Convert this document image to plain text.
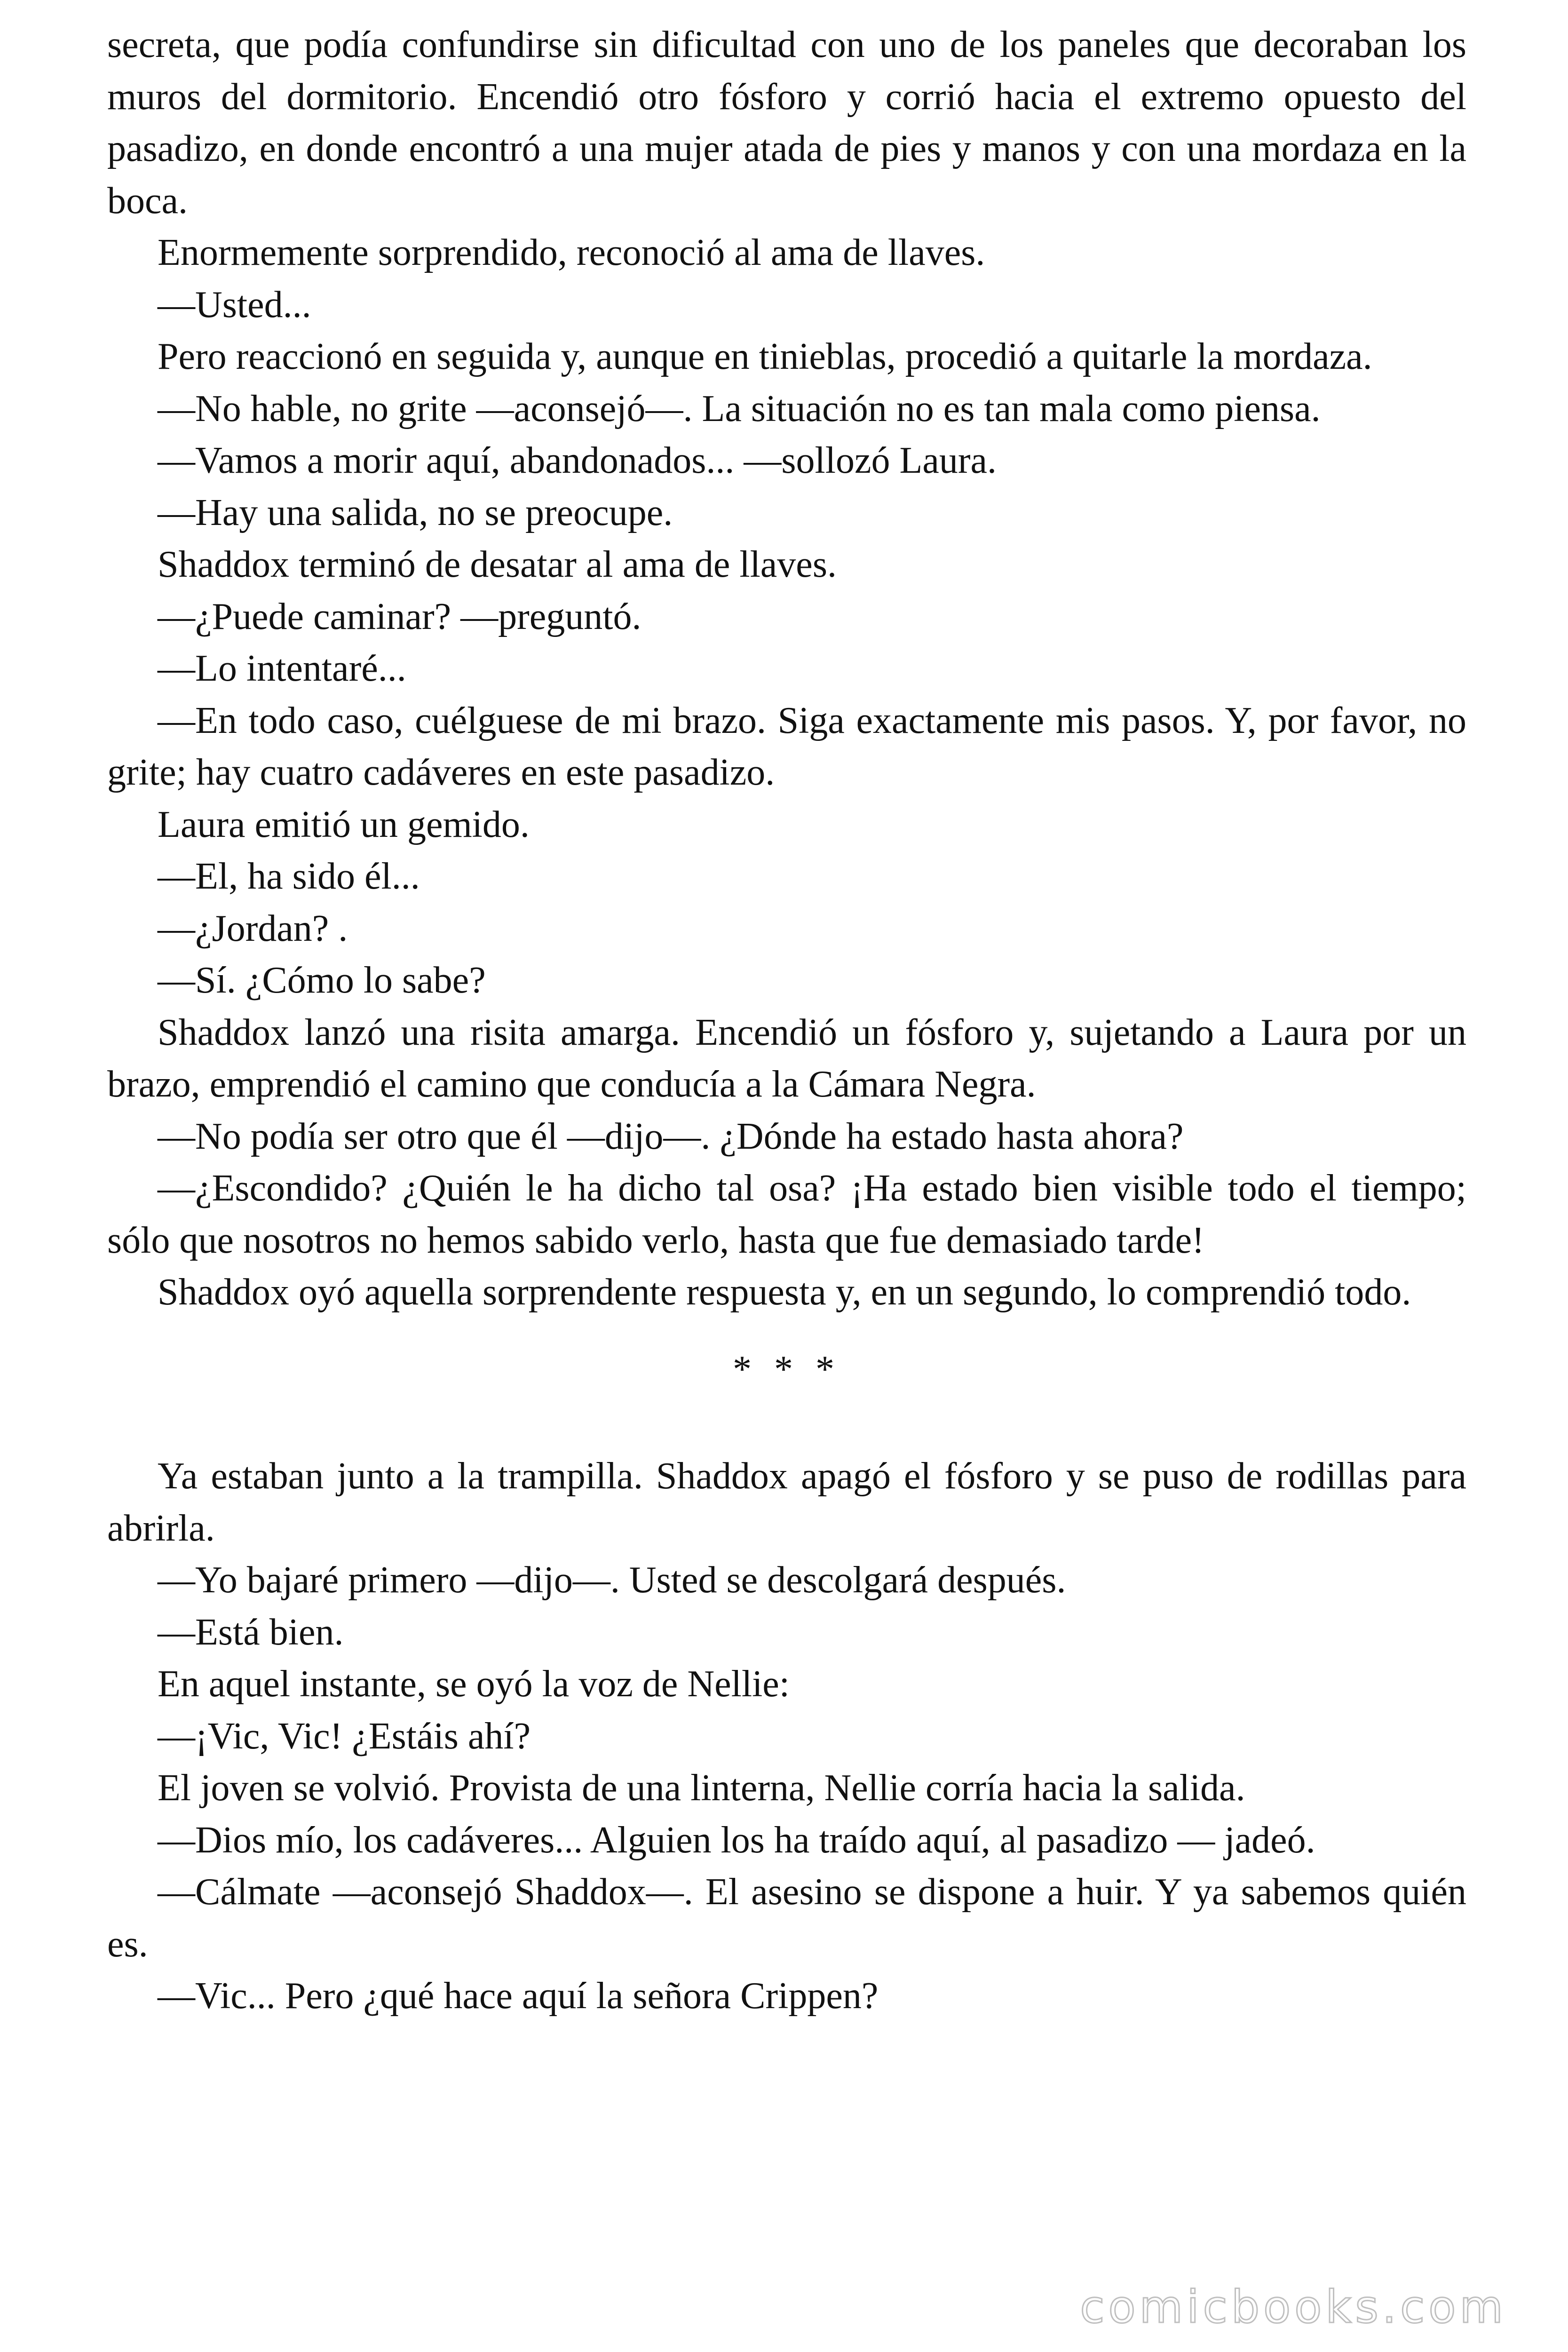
secreta, que podía confundirse sin dificultad con uno de los paneles que decoraban los muros del dormitorio. Encendió otro fósforo y corrió hacia el extremo opuesto del pasadizo, en donde encontró a una mujer atada de pies y manos y con una mordaza en la boca.

Enormemente sorprendido, reconoció al ama de llaves.

—Usted...

Pero reaccionó en seguida y, aunque en tinieblas, procedió a quitarle la mordaza.

—No hable, no grite —aconsejó—. La situación no es tan mala como piensa.

—Vamos a morir aquí, abandonados... —sollozó Laura.

—Hay una salida, no se preocupe.

Shaddox terminó de desatar al ama de llaves.

—¿Puede caminar? —preguntó.

—Lo intentaré...

—En todo caso, cuélguese de mi brazo. Siga exactamente mis pasos. Y, por favor, no grite; hay cuatro cadáveres en este pasadizo.

Laura emitió un gemido.

—El, ha sido él...

—¿Jordan? .

—Sí. ¿Cómo lo sabe?

Shaddox lanzó una risita amarga. Encendió un fósforo y, sujetando a Laura por un brazo, emprendió el camino que conducía a la Cámara Negra.

—No podía ser otro que él —dijo—. ¿Dónde ha estado hasta ahora?

—¿Escondido? ¿Quién le ha dicho tal osa? ¡Ha estado bien visible todo el tiempo; sólo que nosotros no hemos sabido verlo, hasta que fue demasiado tarde!

Shaddox oyó aquella sorprendente respuesta y, en un segundo, lo comprendió todo.

* * *

Ya estaban junto a la trampilla. Shaddox apagó el fósforo y se puso de rodillas para abrirla.

—Yo bajaré primero —dijo—. Usted se descolgará después.

—Está bien.

En aquel instante, se oyó la voz de Nellie:

—¡Vic, Vic! ¿Estáis ahí?

El joven se volvió. Provista de una linterna, Nellie corría hacia la salida.

—Dios mío, los cadáveres... Alguien los ha traído aquí, al pasadizo — jadeó.

—Cálmate —aconsejó Shaddox—. El asesino se dispone a huir. Y ya sabemos quién es.

—Vic... Pero ¿qué hace aquí la señora Crippen?

comicbooks.com
